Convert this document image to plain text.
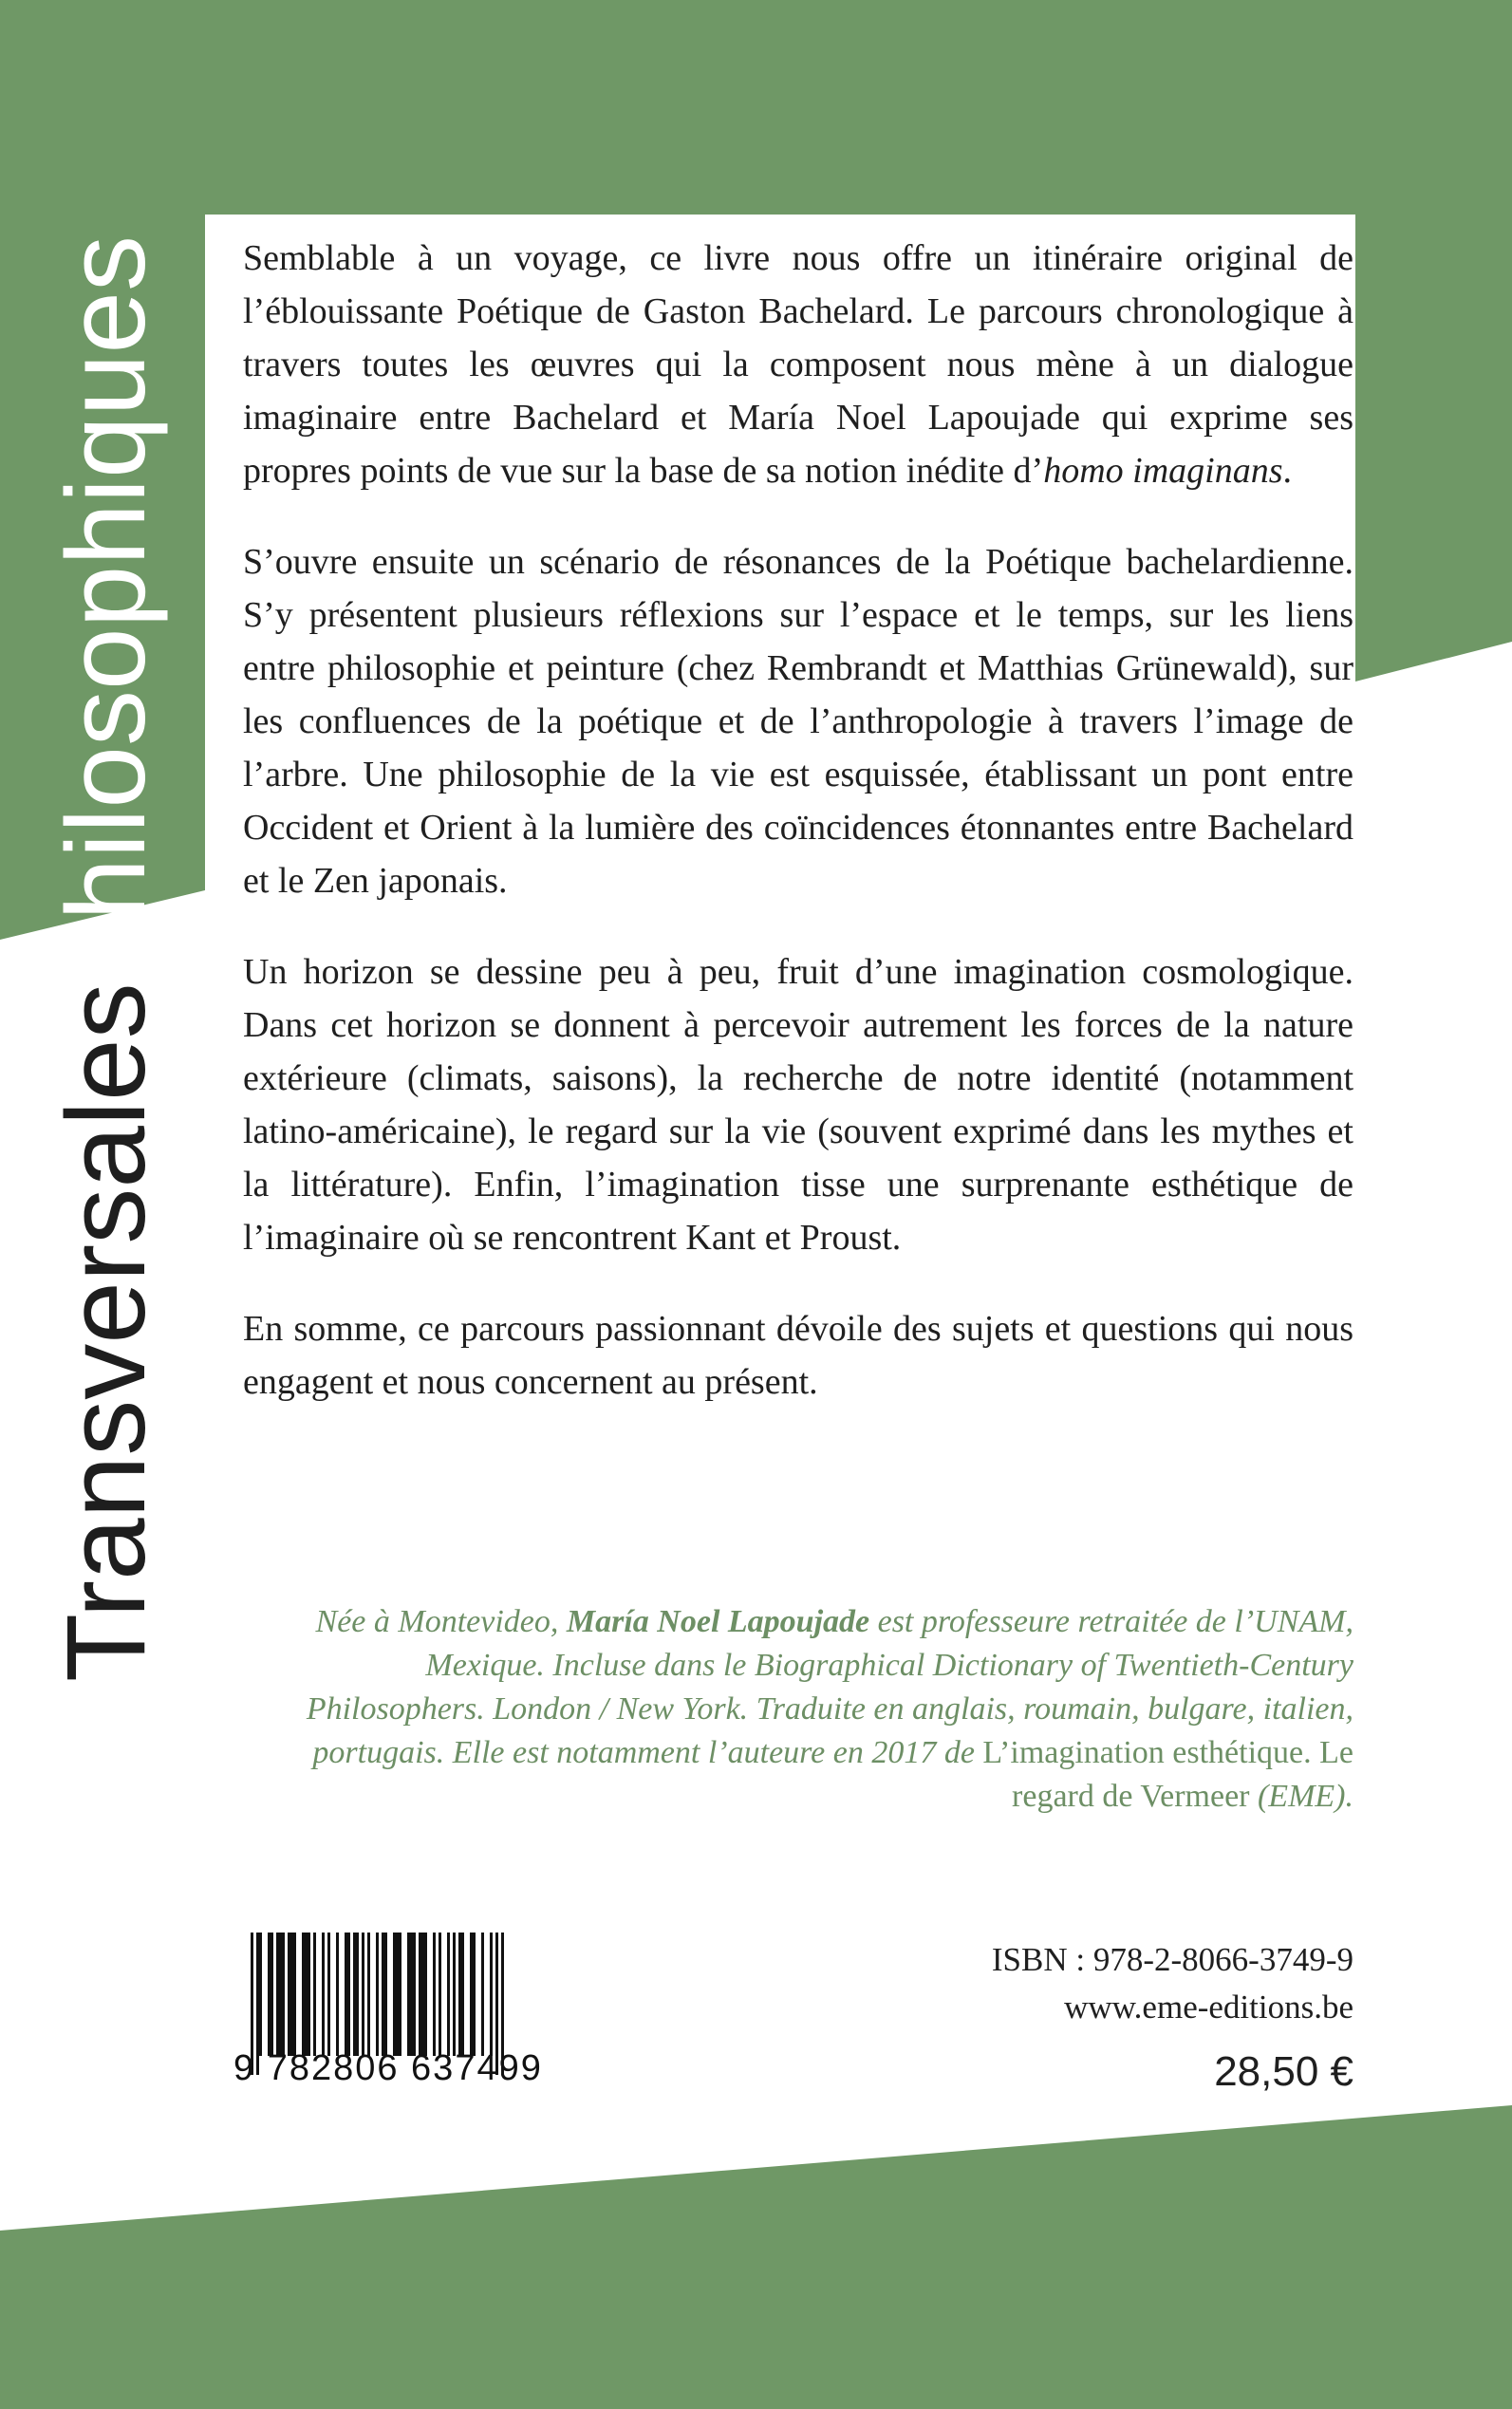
Transversalesphilosophiques Semblable à un voyage, ce livre nous offre un itinéraire original de l’éblouissante Poétique de Gaston Bachelard. Le parcours chronologique à travers toutes les œuvres qui la composent nous mène à un dialogue imaginaire entre Bachelard et María Noel Lapoujade qui exprime ses propres points de vue sur la base de sa notion inédite d’homo imaginans.

S’ouvre ensuite un scénario de résonances de la Poétique bachelardienne. S’y présentent plusieurs réflexions sur l’espace et le temps, sur les liens entre philosophie et peinture (chez Rembrandt et Matthias Grünewald), sur les confluences de la poétique et de l’anthropologie à travers l’image de l’arbre. Une philosophie de la vie est esquissée, établissant un pont entre Occident et Orient à la lumière des coïncidences étonnantes entre Bachelard et le Zen japonais.

Un horizon se dessine peu à peu, fruit d’une imagination cosmologique. Dans cet horizon se donnent à percevoir autrement les forces de la nature extérieure (climats, saisons), la recherche de notre identité (notamment latino-américaine), le regard sur la vie (souvent exprimé dans les mythes et la littérature). Enfin, l’imagination tisse une surprenante esthétique de l’imaginaire où se rencontrent Kant et Proust.

En somme, ce parcours passionnant dévoile des sujets et questions qui nous engagent et nous concernent au présent.

Née à Montevideo, María Noel Lapoujade est professeure retraitée de l’UNAM, Mexique. Incluse dans le Biographical Dictionary of Twentieth-Century Philosophers. London / New York. Traduite en anglais, roumain, bulgare, italien, portugais. Elle est notamment l’auteure en 2017 de L’imagination esthétique. Le regard de Vermeer (EME).
9 782806 637499
ISBN : 978-2-8066-3749-9
www.eme-editions.be
28,50 €
